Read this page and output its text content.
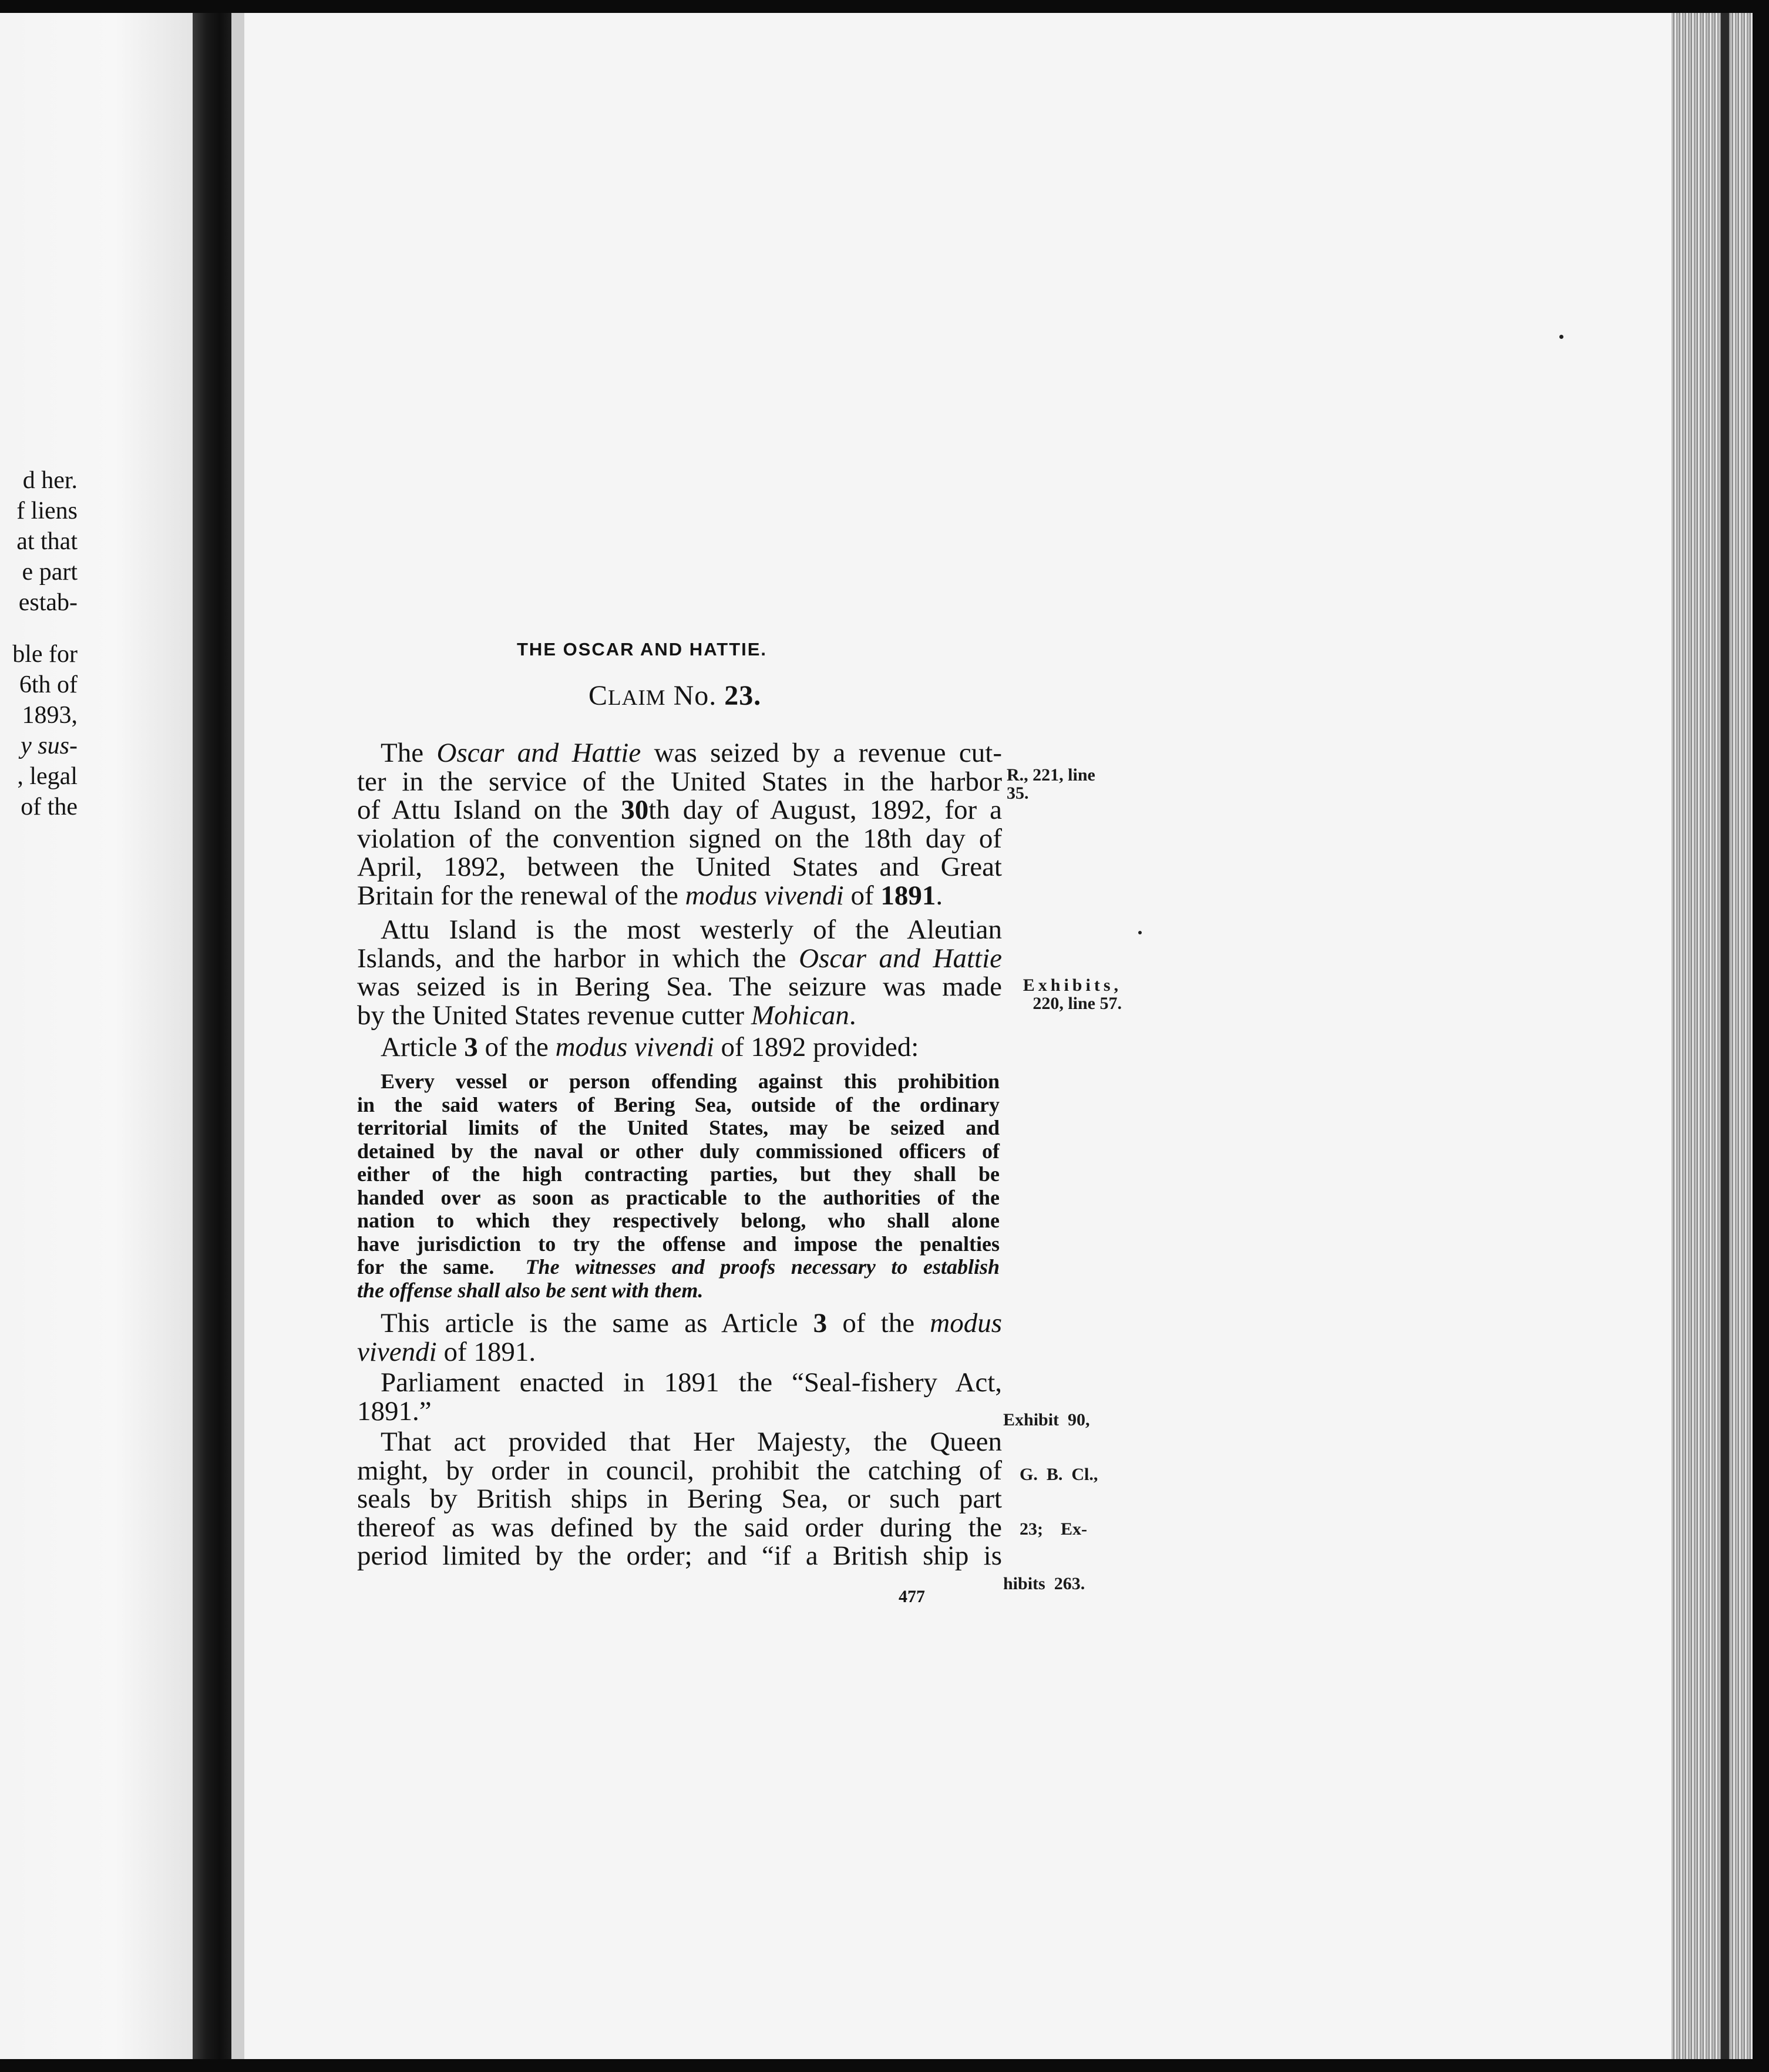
d her.
f liens
at that
e part
estab-
ble for
6th of
1893,
y sus-
, legal
of the
THE OSCAR AND HATTIE.
CLAIM No. 23.
The Oscar and Hattie was seized by a revenue cut-
ter in the service of the United States in the harbor
of Attu Island on the 30th day of August, 1892, for a
violation of the convention signed on the 18th day of
April, 1892, between the United States and Great
Britain for the renewal of the modus vivendi of 1891.
Attu Island is the most westerly of the Aleutian
Islands, and the harbor in which the Oscar and Hattie
was seized is in Bering Sea. The seizure was made
by the United States revenue cutter Mohican.
Article 3 of the modus vivendi of 1892 provided:
Every vessel or person offending against this prohibition
in the said waters of Bering Sea, outside of the ordinary
territorial limits of the United States, may be seized and
detained by the naval or other duly commissioned officers of
either of the high contracting parties, but they shall be
handed over as soon as practicable to the authorities of the
nation to which they respectively belong, who shall alone
have jurisdiction to try the offense and impose the penalties
for the same.  The witnesses and proofs necessary to establish
the offense shall also be sent with them.
This article is the same as Article 3 of the modus
vivendi of 1891.
Parliament enacted in 1891 the “Seal-fishery Act,
1891.”
That act provided that Her Majesty, the Queen
might, by order in council, prohibit the catching of
seals by British ships in Bering Sea, or such part
thereof as was defined by the said order during the
period limited by the order; and “if a British ship is
R., 221, line
35.
Exhibits,
220, line 57.

Exhibit  90,

G.  B.  Cl.,

23;    Ex-

hibits  263.

477
